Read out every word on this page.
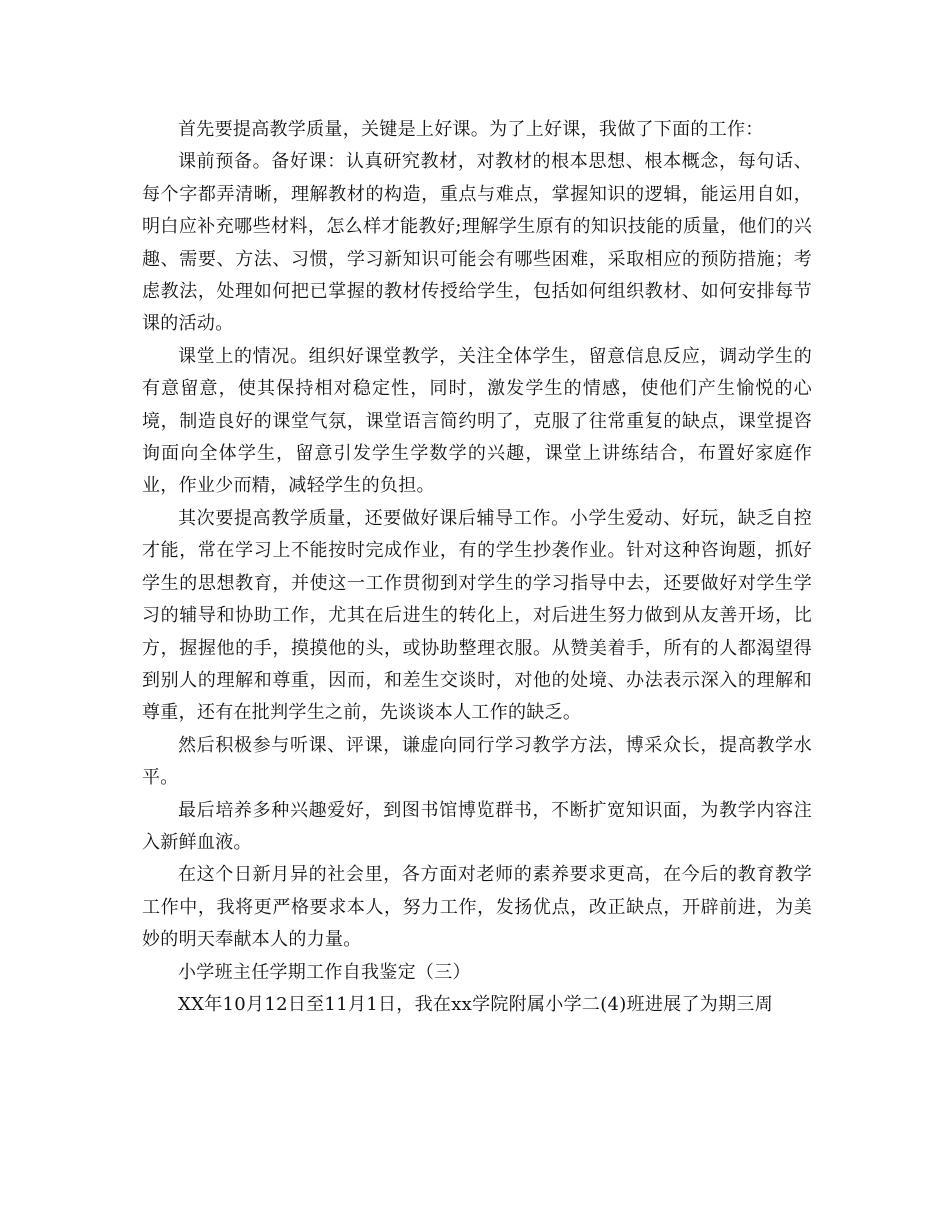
首先要提高教学质量，关键是上好课。为了上好课，我做了下面的工作：

课前预备。备好课：认真研究教材，对教材的根本思想、根本概念，每句话、每个字都弄清晰，理解教材的构造，重点与难点，掌握知识的逻辑，能运用自如，明白应补充哪些材料，怎么样才能教好;理解学生原有的知识技能的质量，他们的兴趣、需要、方法、习惯，学习新知识可能会有哪些困难，采取相应的预防措施；考虑教法，处理如何把已掌握的教材传授给学生，包括如何组织教材、如何安排每节课的活动。

课堂上的情况。组织好课堂教学，关注全体学生，留意信息反应，调动学生的有意留意，使其保持相对稳定性，同时，激发学生的情感，使他们产生愉悦的心境，制造良好的课堂气氛，课堂语言简约明了，克服了往常重复的缺点，课堂提咨询面向全体学生，留意引发学生学数学的兴趣，课堂上讲练结合，布置好家庭作业，作业少而精，减轻学生的负担。

其次要提高教学质量，还要做好课后辅导工作。小学生爱动、好玩，缺乏自控才能，常在学习上不能按时完成作业，有的学生抄袭作业。针对这种咨询题，抓好学生的思想教育，并使这一工作贯彻到对学生的学习指导中去，还要做好对学生学习的辅导和协助工作，尤其在后进生的转化上，对后进生努力做到从友善开场，比方，握握他的手，摸摸他的头，或协助整理衣服。从赞美着手，所有的人都渴望得到别人的理解和尊重，因而，和差生交谈时，对他的处境、办法表示深入的理解和尊重，还有在批判学生之前，先谈谈本人工作的缺乏。

然后积极参与听课、评课，谦虚向同行学习教学方法，博采众长，提高教学水平。

最后培养多种兴趣爱好，到图书馆博览群书，不断扩宽知识面，为教学内容注入新鲜血液。

在这个日新月异的社会里，各方面对老师的素养要求更高，在今后的教育教学工作中，我将更严格要求本人，努力工作，发扬优点，改正缺点，开辟前进，为美妙的明天奉献本人的力量。

小学班主任学期工作自我鉴定（三）

XX年10月12日至11月1日，我在xx学院附属小学二(4)班进展了为期三周
